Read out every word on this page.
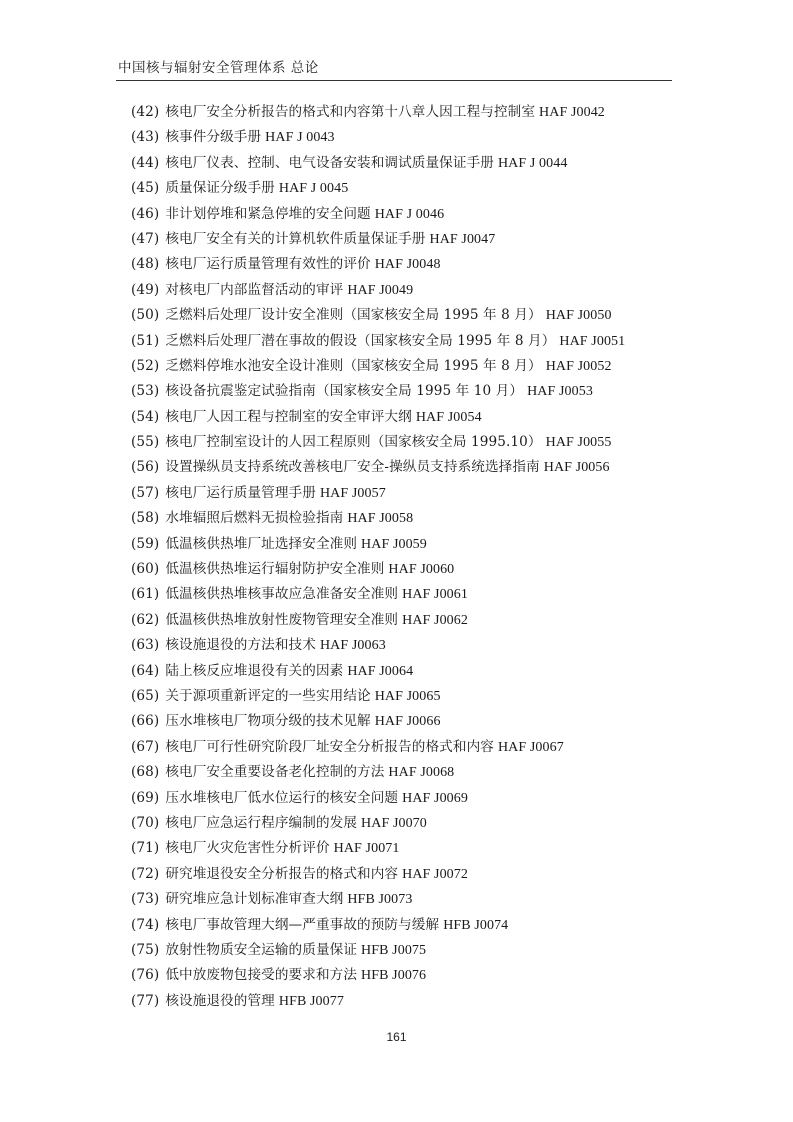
中国核与辐射安全管理体系 总论
(42) 核电厂安全分析报告的格式和内容第十八章人因工程与控制室 HAF J0042
(43) 核事件分级手册 HAF J 0043
(44) 核电厂仪表、控制、电气设备安装和调试质量保证手册 HAF J 0044
(45) 质量保证分级手册 HAF J 0045
(46) 非计划停堆和紧急停堆的安全问题 HAF J 0046
(47) 核电厂安全有关的计算机软件质量保证手册 HAF J0047
(48) 核电厂运行质量管理有效性的评价 HAF J0048
(49) 对核电厂内部监督活动的审评 HAF J0049
(50) 乏燃料后处理厂设计安全准则（国家核安全局 1995 年 8 月） HAF J0050
(51) 乏燃料后处理厂潜在事故的假设（国家核安全局 1995 年 8 月） HAF J0051
(52) 乏燃料停堆水池安全设计准则（国家核安全局 1995 年 8 月） HAF J0052
(53) 核设备抗震鉴定试验指南（国家核安全局 1995 年 10 月） HAF J0053
(54) 核电厂人因工程与控制室的安全审评大纲 HAF J0054
(55) 核电厂控制室设计的人因工程原则（国家核安全局 1995.10） HAF J0055
(56) 设置操纵员支持系统改善核电厂安全-操纵员支持系统选择指南 HAF J0056
(57) 核电厂运行质量管理手册 HAF J0057
(58) 水堆辐照后燃料无损检验指南 HAF J0058
(59) 低温核供热堆厂址选择安全准则 HAF J0059
(60) 低温核供热堆运行辐射防护安全准则 HAF J0060
(61) 低温核供热堆核事故应急准备安全准则 HAF J0061
(62) 低温核供热堆放射性废物管理安全准则 HAF J0062
(63) 核设施退役的方法和技术 HAF J0063
(64) 陆上核反应堆退役有关的因素 HAF J0064
(65) 关于源项重新评定的一些实用结论 HAF J0065
(66) 压水堆核电厂物项分级的技术见解 HAF J0066
(67) 核电厂可行性研究阶段厂址安全分析报告的格式和内容 HAF J0067
(68) 核电厂安全重要设备老化控制的方法 HAF J0068
(69) 压水堆核电厂低水位运行的核安全问题 HAF J0069
(70) 核电厂应急运行程序编制的发展 HAF J0070
(71) 核电厂火灾危害性分析评价 HAF J0071
(72) 研究堆退役安全分析报告的格式和内容 HAF J0072
(73) 研究堆应急计划标准审查大纲 HFB J0073
(74) 核电厂事故管理大纲—严重事故的预防与缓解 HFB J0074
(75) 放射性物质安全运输的质量保证 HFB J0075
(76) 低中放废物包接受的要求和方法 HFB J0076
(77) 核设施退役的管理 HFB J0077
161
